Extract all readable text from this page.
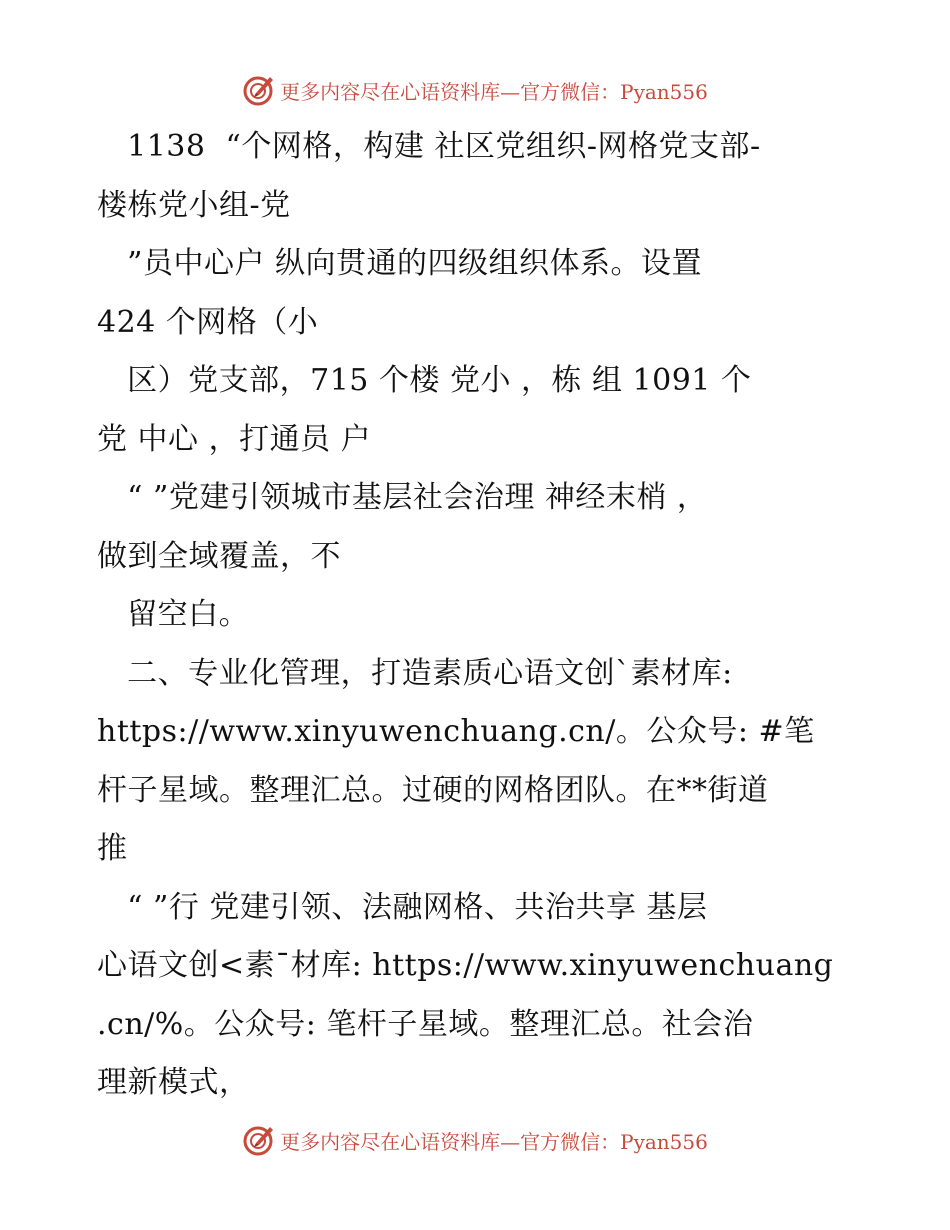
更多内容尽在心语资料库—官方微信：Pyan556
1138  “个网格，构建 社区党组织-网格党支部-
楼栋党小组-党
”员中心户 纵向贯通的四级组织体系。设置
424 个网格（小
区）党支部，715 个楼 党小 ，栋 组 1091 个
党 中心 ，打通员 户
“ ”党建引领城市基层社会治理 神经末梢 ，
做到全域覆盖，不
留空白。
二、专业化管理，打造素质心语文创`素材库:
https://www.xinyuwenchuang.cn/。公众号: #笔
杆子星域。整理汇总。过硬的网格团队。在**街道
推
“ ”行 党建引领、法融网格、共治共享 基层
心语文创<素¯材库: https://www.xinyuwenchuang
.cn/%。公众号: 笔杆子星域。整理汇总。社会治
理新模式，
更多内容尽在心语资料库—官方微信：Pyan556
